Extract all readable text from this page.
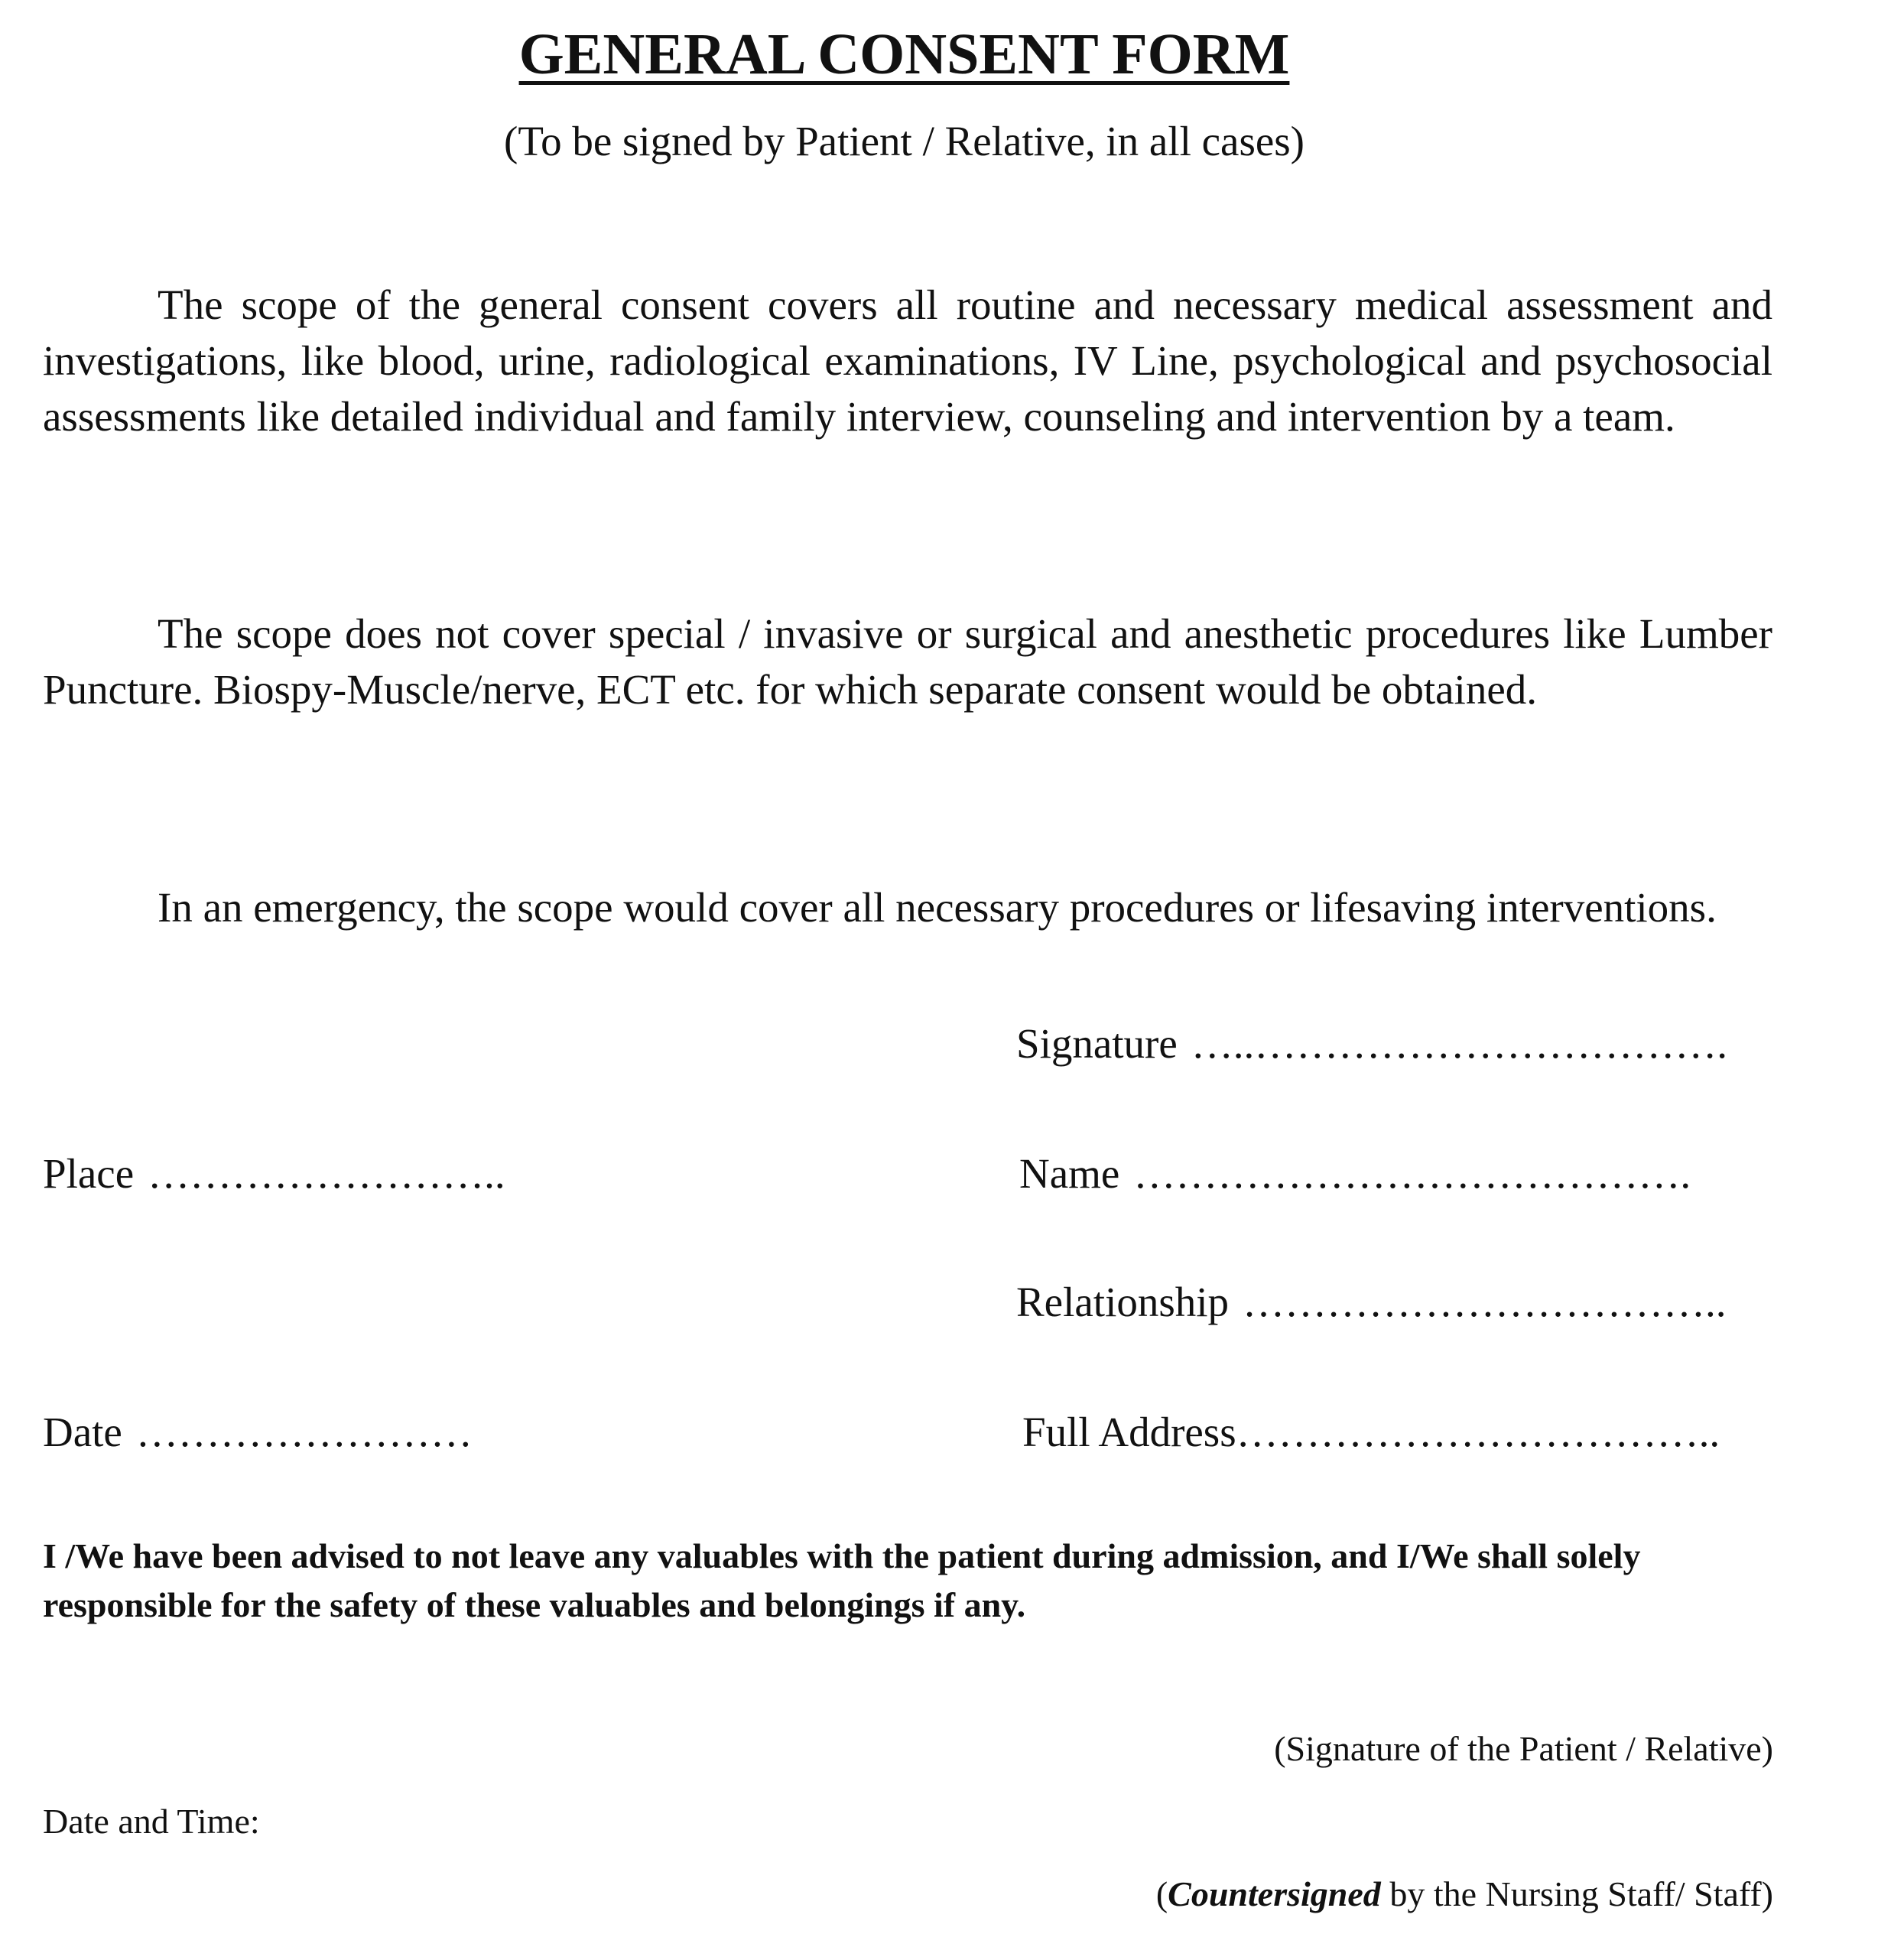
GENERAL CONSENT FORM

(To be signed by Patient / Relative, in all cases)

The scope of the general consent covers all routine and necessary medical assessment and investigations, like blood, urine, radiological examinations, IV Line, psychological and psychosocial assessments like detailed individual and family interview, counseling and intervention by a team.

The scope does not cover special / invasive or surgical and anesthetic procedures like Lumber Puncture. Biospy-Muscle/nerve, ECT etc. for which separate consent would be obtained.

In an emergency, the scope would cover all necessary procedures or lifesaving interventions.

Signature …..…………………………….
Place ……………………..	Name ………………………………….
Relationship ……………………………..
Date ……………………	Full Address……………………………..

I /We have been advised to not leave any valuables with the patient during admission, and I/We shall solely responsible for the safety of these valuables and belongings if any.

(Signature of the Patient / Relative)

Date and Time:

(Countersigned by the Nursing Staff/ Staff)
